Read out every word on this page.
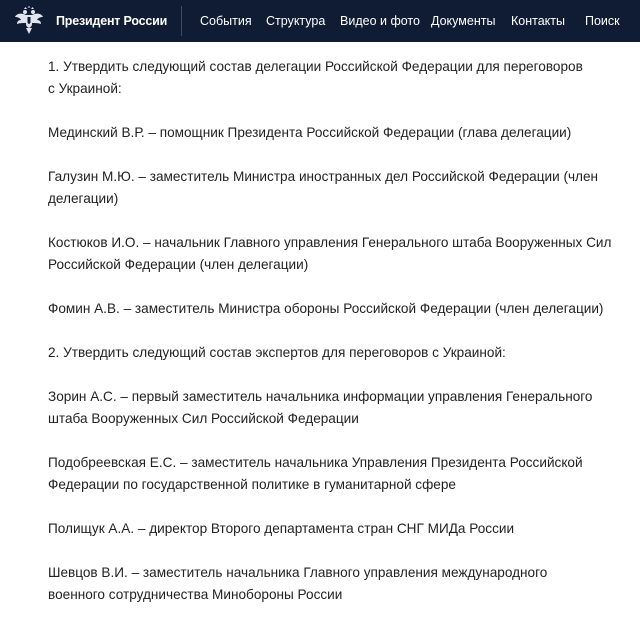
Президент России	События Структура Видео и фото Документы Контакты Поиск

1. Утвердить следующий состав делегации Российской Федерации для переговоров
с Украиной:

Мединский В.Р. – помощник Президента Российской Федерации (глава делегации)

Галузин М.Ю. – заместитель Министра иностранных дел Российской Федерации (член
делегации)

Костюков И.О. – начальник Главного управления Генерального штаба Вооруженных Сил
Российской Федерации (член делегации)

Фомин А.В. – заместитель Министра обороны Российской Федерации (член делегации)

2. Утвердить следующий состав экспертов для переговоров с Украиной:

Зорин А.С. – первый заместитель начальника информации управления Генерального
штаба Вооруженных Сил Российской Федерации

Подобреевская Е.С. – заместитель начальника Управления Президента Российской
Федерации по государственной политике в гуманитарной сфере

Полищук А.А. – директор Второго департамента стран СНГ МИДа России

Шевцов В.И. – заместитель начальника Главного управления международного
военного сотрудничества Минобороны России
